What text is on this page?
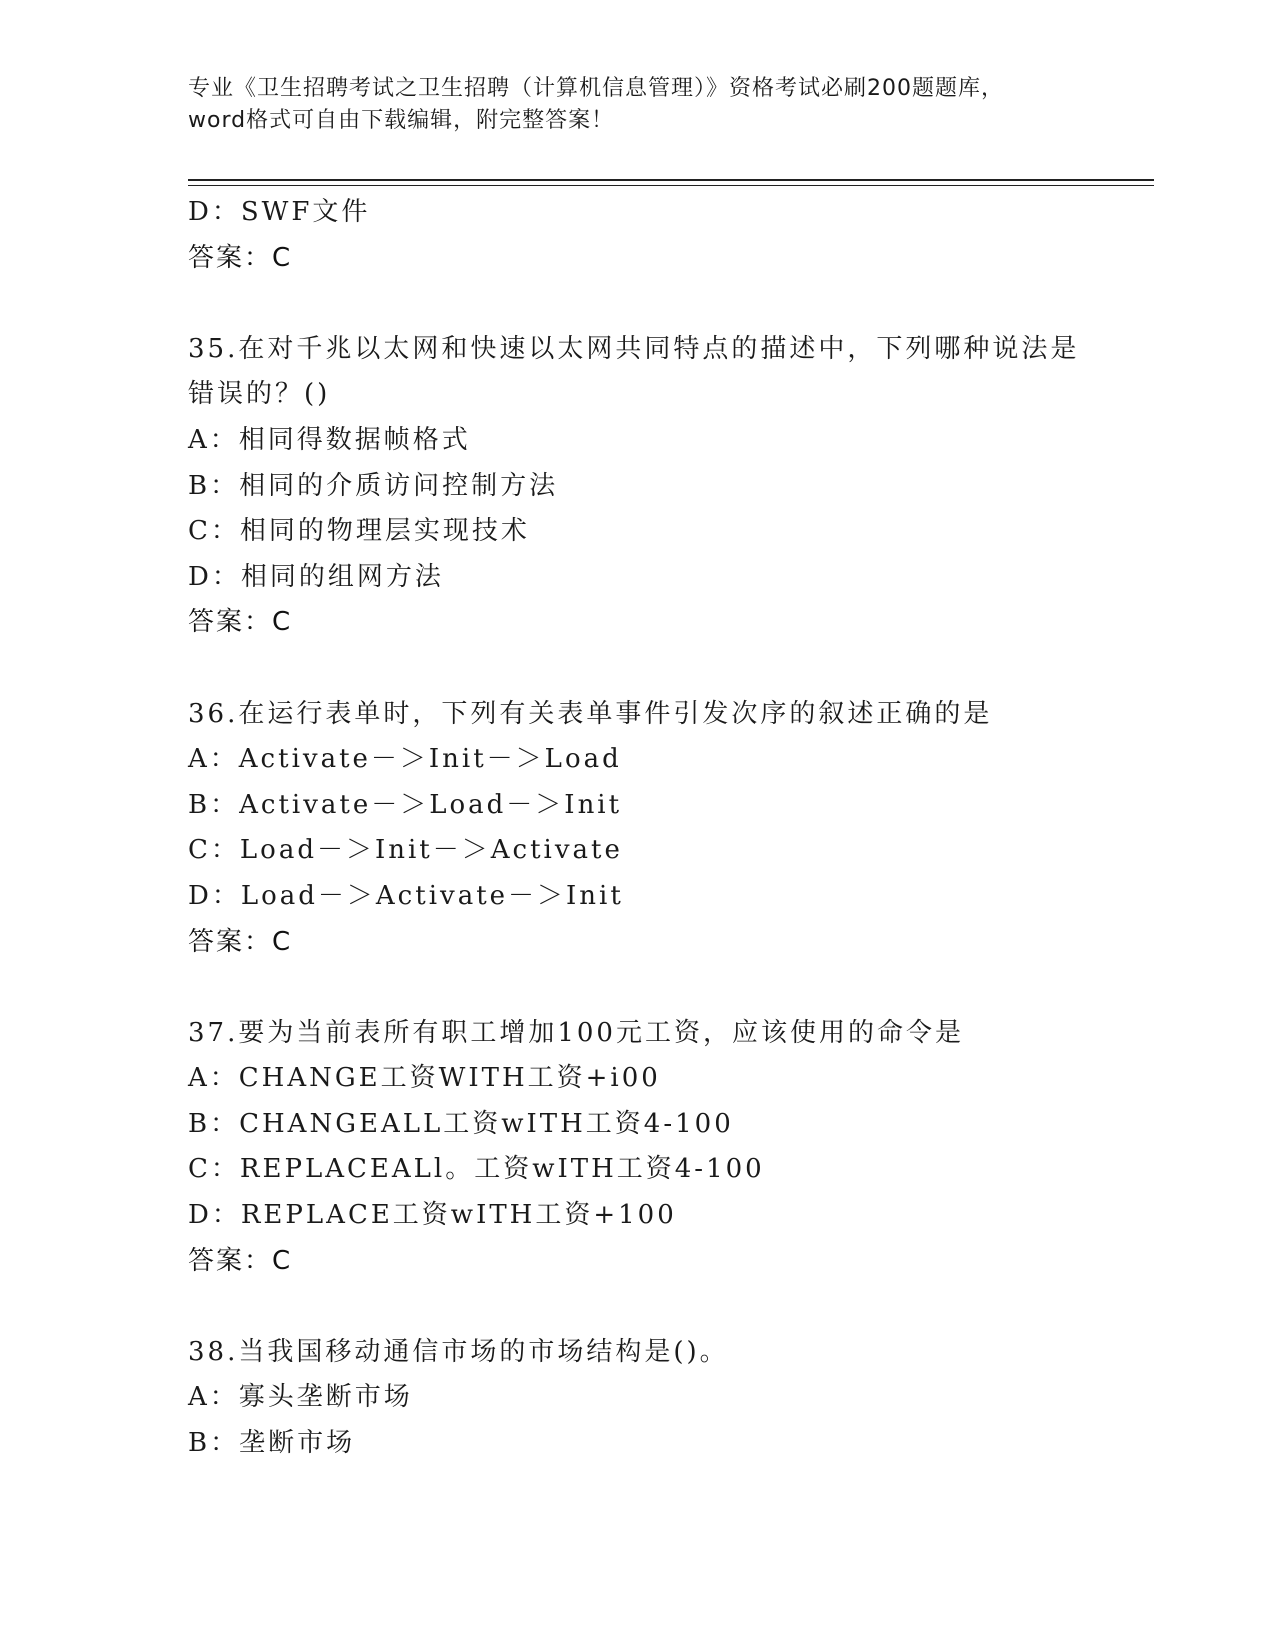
专业《卫生招聘考试之卫生招聘（计算机信息管理）》资格考试必刷200题题库，
word格式可自由下载编辑，附完整答案！
D：SWF文件
答案：C
35.在对千兆以太网和快速以太网共同特点的描述中，下列哪种说法是
错误的？()
A：相同得数据帧格式
B：相同的介质访问控制方法
C：相同的物理层实现技术
D：相同的组网方法
答案：C
36.在运行表单时，下列有关表单事件引发次序的叙述正确的是
A：Activate－＞Init－＞Load
B：Activate－＞Load－＞Init
C：Load－＞Init－＞Activate
D：Load－＞Activate－＞Init
答案：C
37.要为当前表所有职工增加100元工资，应该使用的命令是
A：CHANGE工资WITH工资+i00
B：CHANGEALL工资wITH工资4-100
C：REPLACEALl。工资wITH工资4-100
D：REPLACE工资wITH工资+100
答案：C
38.当我国移动通信市场的市场结构是()。
A：寡头垄断市场
B：垄断市场
